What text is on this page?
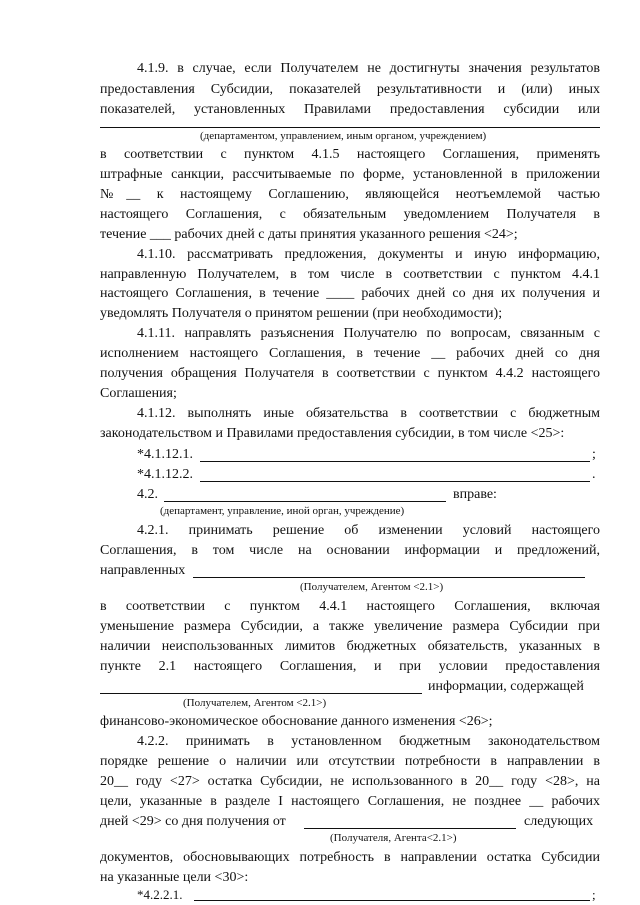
4.1.9. в случае, если Получателем не достигнуты значения результатов
предоставления Субсидии, показателей результативности и (или) иных
показателей, установленных Правилами предоставления субсидии или
(департаментом, управлением, иным органом, учреждением)
в соответствии с пунктом 4.1.5 настоящего Соглашения, применять
штрафные санкции, рассчитываемые по форме, установленной в приложении
№__ к настоящему Соглашению, являющейся неотъемлемой частью
настоящего Соглашения, с обязательным уведомлением Получателя в
течение ___ рабочих дней с даты принятия указанного решения <24>;
4.1.10. рассматривать предложения, документы и иную информацию,
направленную Получателем, в том числе в соответствии с пунктом 4.4.1
настоящего Соглашения, в течение ____ рабочих дней со дня их получения и
уведомлять Получателя о принятом решении (при необходимости);
4.1.11. направлять разъяснения Получателю по вопросам, связанным с
исполнением настоящего Соглашения, в течение __ рабочих дней со дня
получения обращения Получателя в соответствии с пунктом 4.4.2 настоящего
Соглашения;
4.1.12. выполнять иные обязательства в соответствии с бюджетным
законодательством и Правилами предоставления субсидии, в том числе <25>:
*4.1.12.1.	;
*4.1.12.2.	.
4.2.	вправе:
(департамент, управление, иной орган, учреждение)
4.2.1. принимать решение об изменении условий настоящего
Соглашения, в том числе на основании информации и предложений,
направленных
(Получателем, Агентом <2.1>)
в соответствии с пунктом 4.4.1 настоящего Соглашения, включая
уменьшение размера Субсидии, а также увеличение размера Субсидии при
наличии неиспользованных лимитов бюджетных обязательств, указанных в
пункте 2.1 настоящего Соглашения, и при условии предоставления
информации, содержащей
(Получателем, Агентом <2.1>)
финансово-экономическое обоснование данного изменения <26>;
4.2.2. принимать в установленном бюджетным законодательством
порядке решение о наличии или отсутствии потребности в направлении в
20__ году <27> остатка Субсидии, не использованного в 20__ году <28>, на
цели, указанные в разделе I настоящего Соглашения, не позднее __ рабочих
дней <29> со дня получения от	следующих
(Получателя, Агента<2.1>)
документов, обосновывающих потребность в направлении остатка Субсидии
на указанные цели <30>:
*4.2.2.1.	;
